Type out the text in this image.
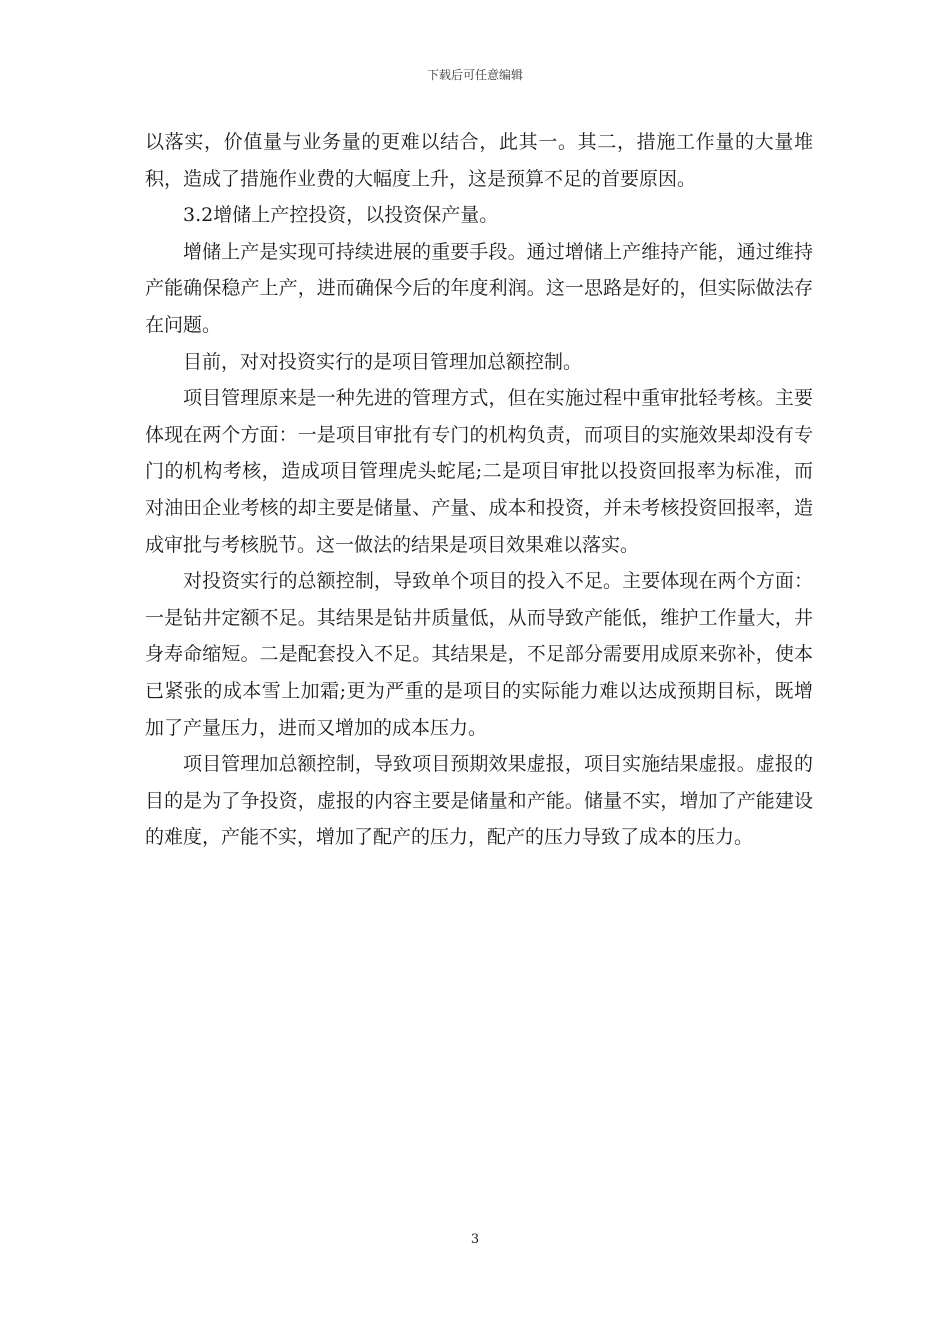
下载后可任意编辑

以落实，价值量与业务量的更难以结合，此其一。其二，措施工作量的大量堆积，造成了措施作业费的大幅度上升，这是预算不足的首要原因。

3.2增储上产控投资，以投资保产量。

增储上产是实现可持续进展的重要手段。通过增储上产维持产能，通过维持产能确保稳产上产，进而确保今后的年度利润。这一思路是好的，但实际做法存在问题。

目前，对对投资实行的是项目管理加总额控制。

项目管理原来是一种先进的管理方式，但在实施过程中重审批轻考核。主要体现在两个方面：一是项目审批有专门的机构负责，而项目的实施效果却没有专门的机构考核，造成项目管理虎头蛇尾;二是项目审批以投资回报率为标准，而对油田企业考核的却主要是储量、产量、成本和投资，并未考核投资回报率，造成审批与考核脱节。这一做法的结果是项目效果难以落实。

对投资实行的总额控制，导致单个项目的投入不足。主要体现在两个方面：一是钻井定额不足。其结果是钻井质量低，从而导致产能低，维护工作量大，井身寿命缩短。二是配套投入不足。其结果是，不足部分需要用成原来弥补，使本已紧张的成本雪上加霜;更为严重的是项目的实际能力难以达成预期目标，既增加了产量压力，进而又增加的成本压力。

项目管理加总额控制，导致项目预期效果虚报，项目实施结果虚报。虚报的目的是为了争投资，虚报的内容主要是储量和产能。储量不实，增加了产能建设的难度，产能不实，增加了配产的压力，配产的压力导致了成本的压力。

3
